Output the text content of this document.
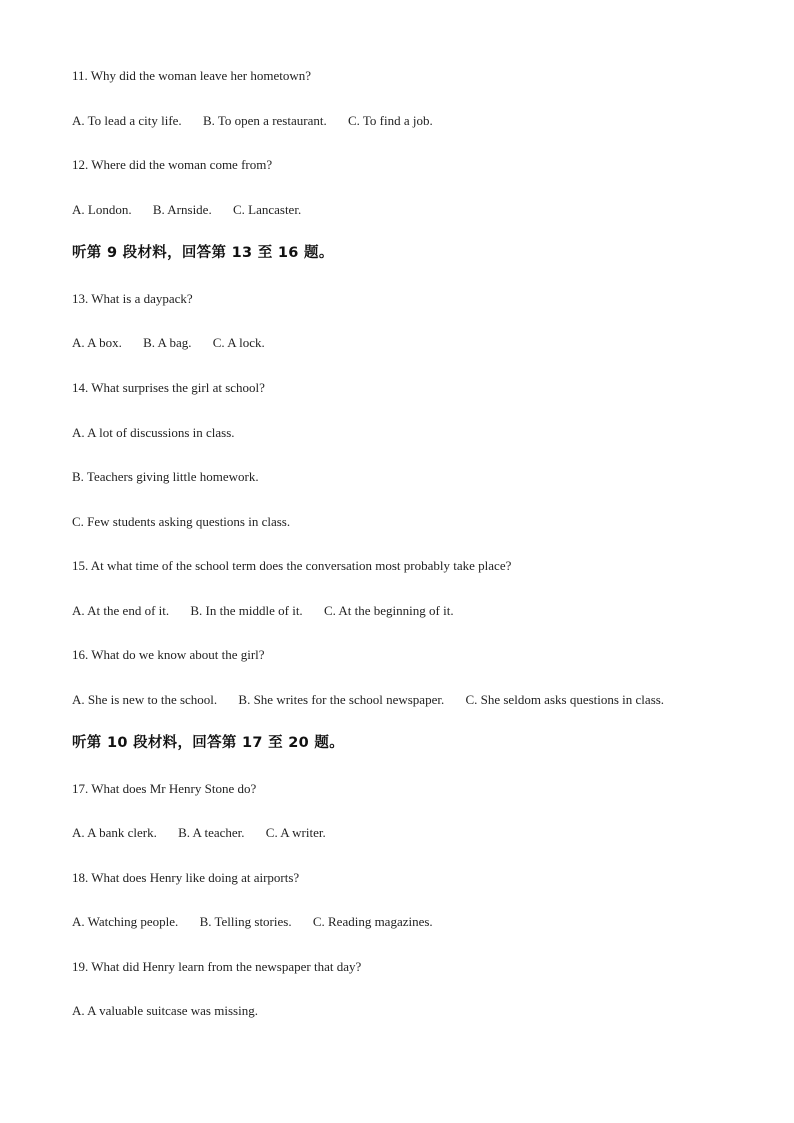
11. Why did the woman leave her hometown?
A. To lead a city life. B. To open a restaurant. C. To find a job.
12. Where did the woman come from?
A. London. B. Arnside. C. Lancaster.
听第 9 段材料，回答第 13 至 16 题。
13. What is a daypack?
A. A box. B. A bag. C. A lock.
14. What surprises the girl at school?
A. A lot of discussions in class.
B. Teachers giving little homework.
C. Few students asking questions in class.
15. At what time of the school term does the conversation most probably take place?
A. At the end of it. B. In the middle of it. C. At the beginning of it.
16. What do we know about the girl?
A. She is new to the school. B. She writes for the school newspaper. C. She seldom asks questions in class.
听第 10 段材料，回答第 17 至 20 题。
17. What does Mr Henry Stone do?
A. A bank clerk. B. A teacher. C. A writer.
18. What does Henry like doing at airports?
A. Watching people. B. Telling stories. C. Reading magazines.
19. What did Henry learn from the newspaper that day?
A. A valuable suitcase was missing.
